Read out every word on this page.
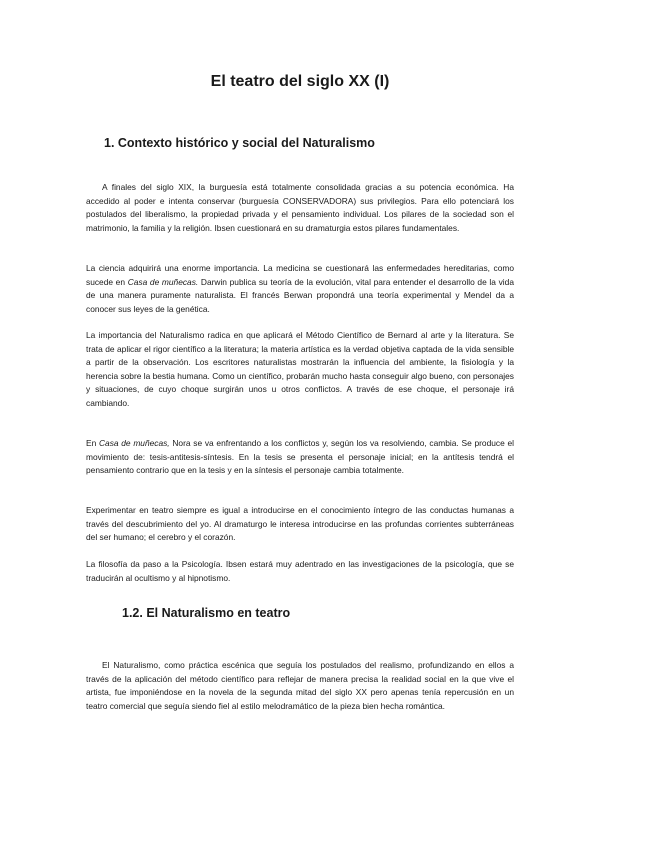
El teatro del siglo XX (I)
1. Contexto histórico y social del Naturalismo

A finales del siglo XIX, la burguesía está totalmente consolidada gracias a su potencia económica. Ha accedido al poder e intenta conservar (burguesía CONSERVADORA) sus privilegios. Para ello potenciará los postulados del liberalismo, la propiedad privada y el pensamiento individual. Los pilares de la sociedad son el matrimonio, la familia y la religión. Ibsen cuestionará en su dramaturgia estos pilares fundamentales.

La ciencia adquirirá una enorme importancia. La medicina se cuestionará las enfermedades hereditarias, como sucede en Casa de muñecas. Darwin publica su teoría de la evolución, vital para entender el desarrollo de la vida de una manera puramente naturalista. El francés Berwan propondrá una teoría experimental y Mendel da a conocer sus leyes de la genética.

La importancia del Naturalismo radica en que aplicará el Método Científico de Bernard al arte y la literatura. Se trata de aplicar el rigor científico a la literatura; la materia artística es la verdad objetiva captada de la vida sensible a partir de la observación. Los escritores naturalistas mostrarán la influencia del ambiente, la fisiología y la herencia sobre la bestia humana. Como un científico, probarán mucho hasta conseguir algo bueno, con personajes y situaciones, de cuyo choque surgirán unos u otros conflictos. A través de ese choque, el personaje irá cambiando.

En Casa de muñecas, Nora se va enfrentando a los conflictos y, según los va resolviendo, cambia. Se produce el movimiento de: tesis-antitesis-síntesis. En la tesis se presenta el personaje inicial; en la antítesis tendrá el pensamiento contrario que en la tesis y en la síntesis el personaje cambia totalmente.

Experimentar en teatro siempre es igual a introducirse en el conocimiento íntegro de las conductas humanas a través del descubrimiento del yo. Al dramaturgo le interesa introducirse en las profundas corrientes subterráneas del ser humano; el cerebro y el corazón.

La filosofía da paso a la Psicología. Ibsen estará muy adentrado en las investigaciones de la psicología, que se traducirán al ocultismo y al hipnotismo.

1.2. El Naturalismo en teatro

El Naturalismo, como práctica escénica que seguía los postulados del realismo, profundizando en ellos a través de la aplicación del método científico para reflejar de manera precisa la realidad social en la que vive el artista, fue imponiéndose en la novela de la segunda mitad del siglo XX pero apenas tenía repercusión en un teatro comercial que seguía siendo fiel al estilo melodramático de la pieza bien hecha romántica.
